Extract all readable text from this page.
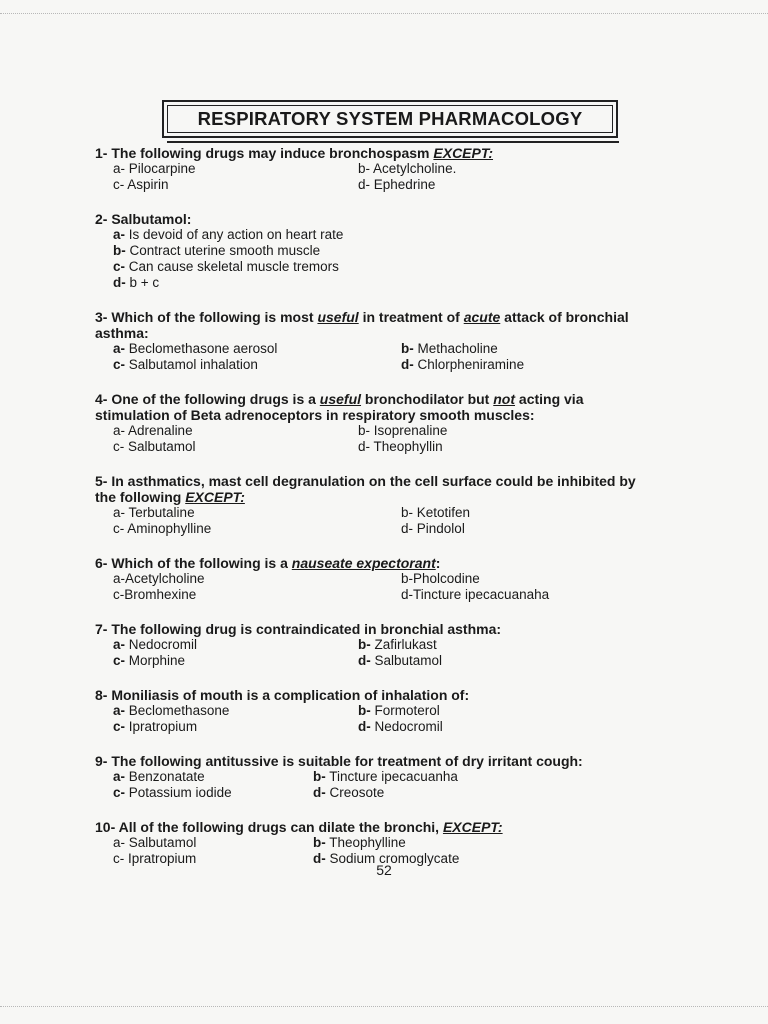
RESPIRATORY SYSTEM PHARMACOLOGY
1- The following drugs may induce bronchospasm EXCEPT:
a- Pilocarpine	b- Acetylcholine.
c- Aspirin	d- Ephedrine
2- Salbutamol:
a- Is devoid of any action on heart rate
b- Contract uterine smooth muscle
c- Can cause skeletal muscle tremors
d- b + c
3- Which of the following is most useful in treatment of acute attack of bronchial
asthma:
a- Beclomethasone aerosol	b- Methacholine
c- Salbutamol inhalation	d- Chlorpheniramine
4- One of the following drugs is a useful bronchodilator but not acting via
stimulation of Beta adrenoceptors in respiratory smooth muscles:
a- Adrenaline	b- Isoprenaline
c- Salbutamol	d- Theophyllin
5- In asthmatics, mast cell degranulation on the cell surface could be inhibited by
the following EXCEPT:
a- Terbutaline	b- Ketotifen
c- Aminophylline	d- Pindolol
6- Which of the following is a nauseate expectorant:
a-Acetylcholine	b-Pholcodine
c-Bromhexine	d-Tincture ipecacuanaha
7- The following drug is contraindicated in bronchial asthma:
a- Nedocromil	b- Zafirlukast
c- Morphine	d- Salbutamol
8- Moniliasis of mouth is a complication of inhalation of:
a- Beclomethasone	b- Formoterol
c- Ipratropium	d- Nedocromil
9- The following antitussive is suitable for treatment of dry irritant cough:
a- Benzonatate	b- Tincture ipecacuanha
c- Potassium iodide	d- Creosote
10- All of the following drugs can dilate the bronchi, EXCEPT:
a- Salbutamol	b- Theophylline
c- Ipratropium	d- Sodium cromoglycate
52
